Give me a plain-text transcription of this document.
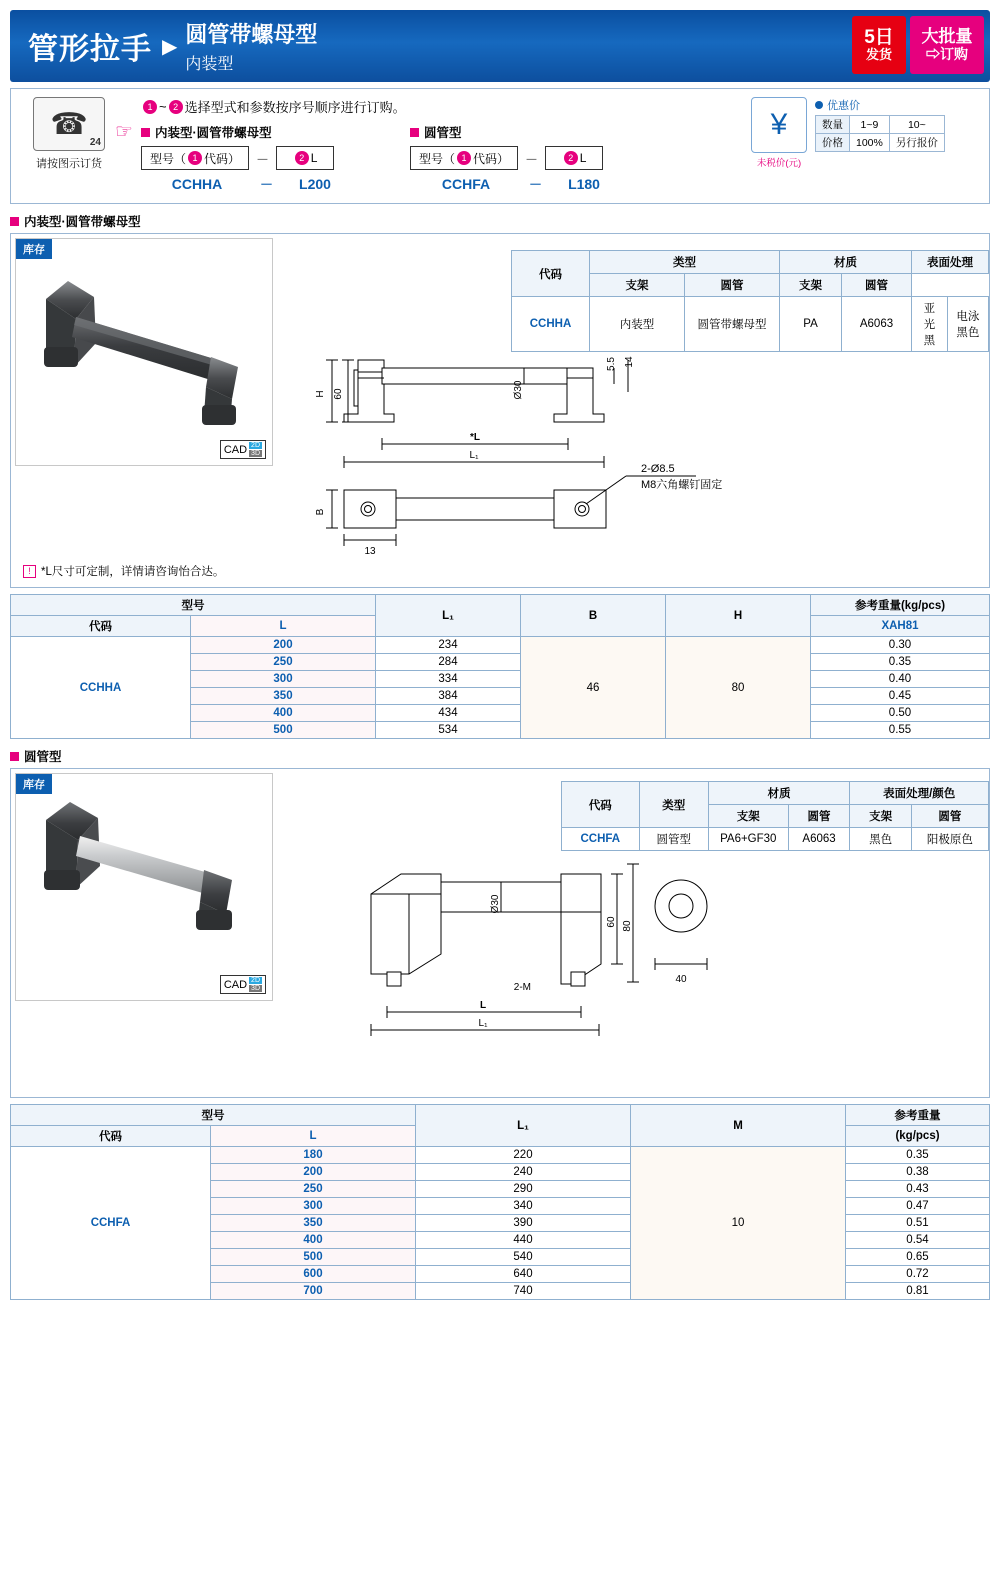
管形拉手 ▶ 圆管带螺母型
内装型
5日
发货
大批量
⇨订购
☎
24
请按图示订货
☞
1 ~ 2 选择型式和参数按序号顺序进行订购。
内装型·圆管带螺母型
型号（ 1 代码） －	2 L
CCHHA	－	L200
圆管型
型号（ 1 代码） －	2 L
CCHFA	－	L180
¥
未税价(元)
优惠价
数量	1~9	10~
价格	100%	另行报价
内装型·圆管带螺母型
库存
CAD 2D
3D
代码	类型		材质		表面处理	
	支架	圆管	支架	圆管		
CCHHA	内装型	圆管带螺母型	PA	A6063	亚光黑	电泳黑色
H 60	Ø30
5.5 14
*L
L₁
B
13
2-Ø8.5
M8六角螺钉固定
! *L尺寸可定制，详情请咨询怡合达。
型号		L₁	B	H	参考重量(kg/pcs)
代码	L				XAH81
CCHHA	200	234	46	80	0.30
	250	284			0.35
	300	334			0.40
	350	384			0.45
	400	434			0.50
	500	534			0.55
圆管型
库存
CAD 2D
3D
代码	类型	材质		表面处理/颜色	
		支架	圆管	支架	圆管
CCHFA	圆管型	PA6+GF30	A6063	黑色	阳极原色
Ø30
60 80
40
2-M
L
L₁
型号		L₁	M	参考重量
代码	L			(kg/pcs)
CCHFA	180	220	10	0.35
	200	240		0.38
	250	290		0.43
	300	340		0.47
	350	390		0.51
	400	440		0.54
	500	540		0.65
	600	640		0.72
	700	740		0.81
